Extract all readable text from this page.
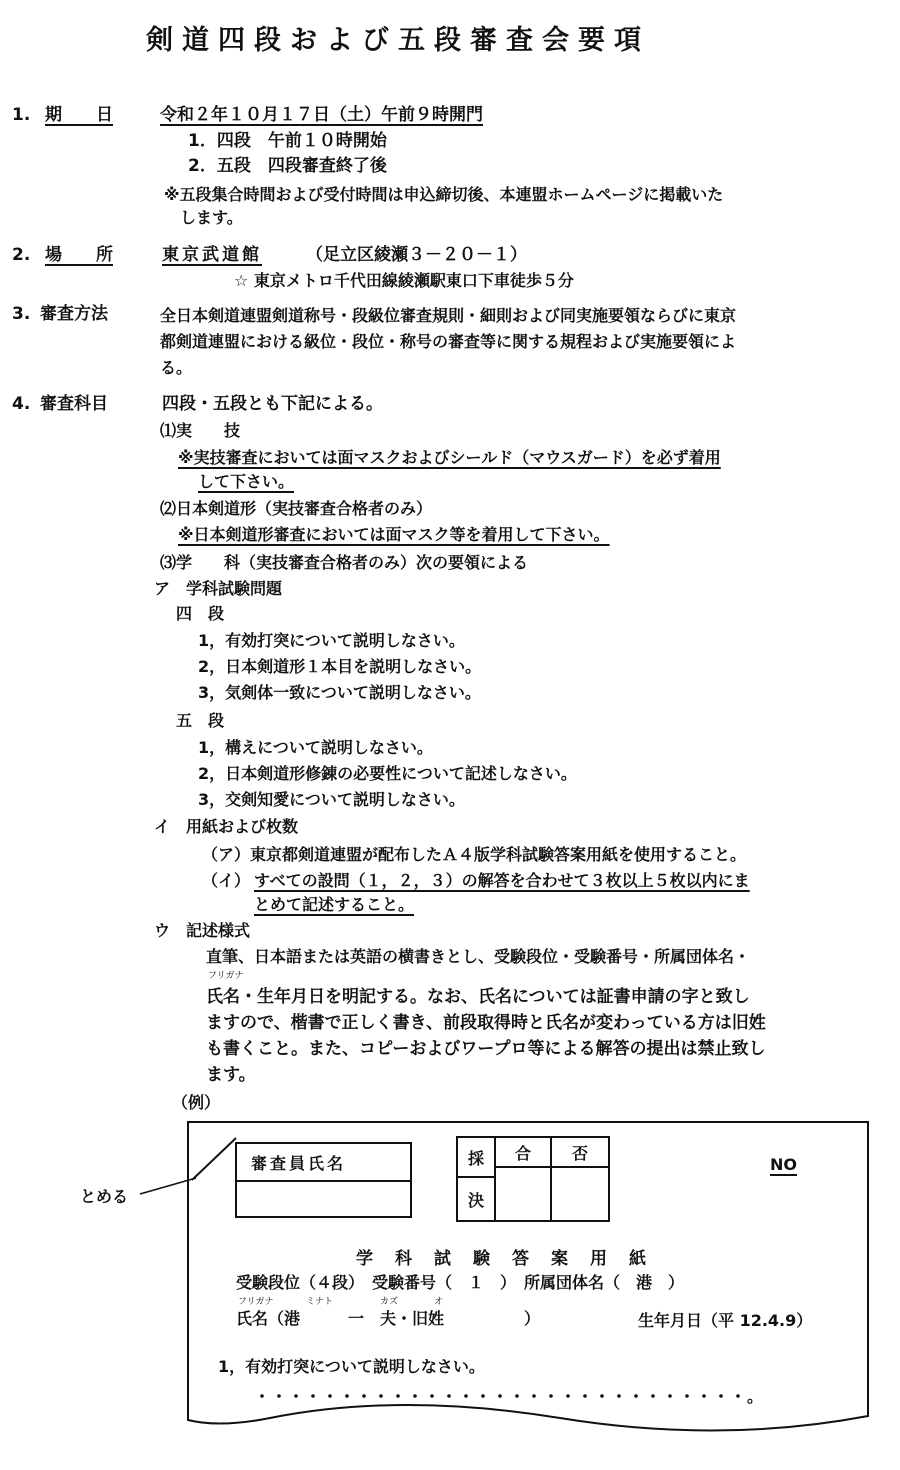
剣道四段および五段審査会要項
1. 期　　日	令和２年１０月１７日（土）午前９時開門
1．四段　午前１０時開始
2．五段　四段審査終了後
※五段集合時間および受付時間は申込締切後、本連盟ホームページに掲載いた
します。
2. 場　　所	東京武道館	（足立区綾瀬３－２０－１）
☆ 東京メトロ千代田線綾瀬駅東口下車徒歩５分
3. 審査方法	全日本剣道連盟剣道称号・段級位審査規則・細則および同実施要領ならびに東京
都剣道連盟における級位・段位・称号の審査等に関する規程および実施要領によ
る。
4. 審査科目	四段・五段とも下記による。
⑴実　　技
※実技審査においては面マスクおよびシールド（マウスガード）を必ず着用
して下さい。
⑵日本剣道形（実技審査合格者のみ）
※日本剣道形審査においては面マスク等を着用して下さい。
⑶学　　科（実技審査合格者のみ）次の要領による
ア　学科試験問題
四　段
1，有効打突について説明しなさい。
2，日本剣道形１本目を説明しなさい。
3，気剣体一致について説明しなさい。
五　段
1，構えについて説明しなさい。
2，日本剣道形修錬の必要性について記述しなさい。
3，交剣知愛について説明しなさい。
イ　用紙および枚数
（ア）東京都剣道連盟が配布したＡ４版学科試験答案用紙を使用すること。
（イ） すべての設問（１，２，３）の解答を合わせて３枚以上５枚以内にま
とめて記述すること。
ウ　記述様式
直筆、日本語または英語の横書きとし、受験段位・受験番号・所属団体名・
フリガナ
氏名・生年月日を明記する。なお、氏名については証書申請の字と致し
ますので、楷書で正しく書き、前段取得時と氏名が変わっている方は旧姓
も書くこと。また、コピーおよびワープロ等による解答の提出は禁止致し
ます。
（例）
とめる
審査員氏名	採 合	否
決
NO
学科試験答案用紙
受験段位（４段）　受験番号（　１　）　所属団体名（　港　）
フリガナ	ミナト	カズ	オ
氏名（港　　　一　夫・旧姓　　　　　）	生年月日（平 12.4.9）
1，有効打突について説明しなさい。
・・・・・・・・・・・・・・・・・・・・・・・・・・・・・。
